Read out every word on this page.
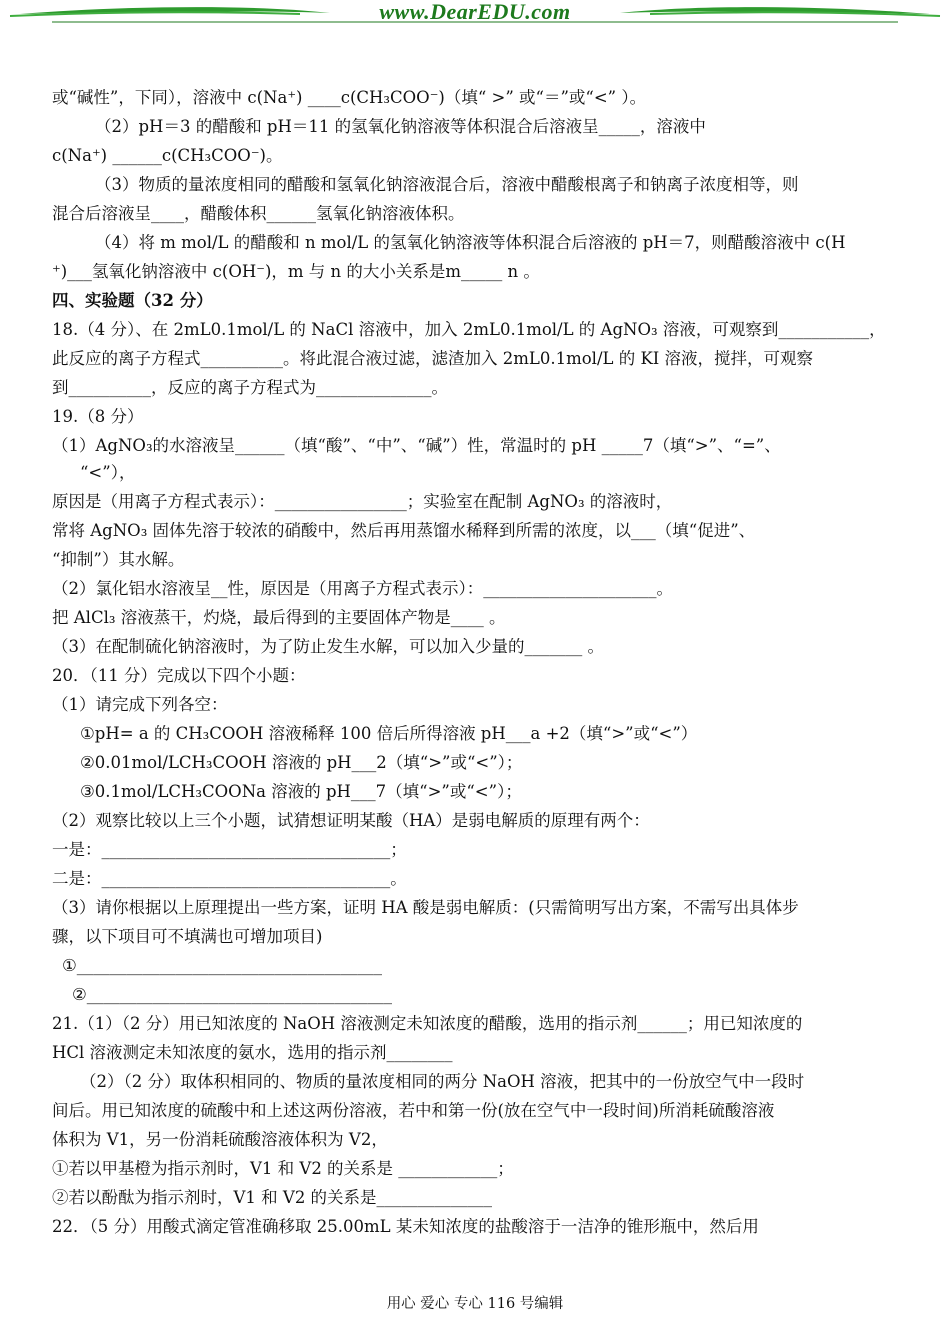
www.DearEDU.com
或“碱性”，下同），溶液中 c(Na⁺) ____c(CH₃COO⁻)（填“ >” 或“＝”或“<” ）。
（2）pH＝3 的醋酸和 pH＝11 的氢氧化钠溶液等体积混合后溶液呈_____，溶液中
c(Na⁺) ______c(CH₃COO⁻)。
（3）物质的量浓度相同的醋酸和氢氧化钠溶液混合后，溶液中醋酸根离子和钠离子浓度相等，则
混合后溶液呈____，醋酸体积______氢氧化钠溶液体积。
（4）将 m mol/L 的醋酸和 n mol/L 的氢氧化钠溶液等体积混合后溶液的 pH＝7，则醋酸溶液中 c(H
⁺)___氢氧化钠溶液中 c(OH⁻)，m 与 n 的大小关系是m_____ n 。
四、实验题（32 分）
18.（4 分）、在 2mL0.1mol/L 的 NaCl 溶液中，加入 2mL0.1mol/L 的 AgNO₃ 溶液，可观察到___________，
此反应的离子方程式__________。将此混合液过滤，滤渣加入 2mL0.1mol/L 的 KI 溶液，搅拌，可观察
到__________，反应的离子方程式为______________。
19.（8 分）
（1）AgNO₃的水溶液呈______（填“酸”、“中”、“碱”）性，常温时的 pH _____7（填“>”、“=”、
“<”），
原因是（用离子方程式表示）：________________；实验室在配制 AgNO₃ 的溶液时，
常将 AgNO₃ 固体先溶于较浓的硝酸中，然后再用蒸馏水稀释到所需的浓度，以___（填“促进”、
“抑制”）其水解。
（2）氯化铝水溶液呈__性，原因是（用离子方程式表示）：_____________________。
把 AlCl₃ 溶液蒸干，灼烧，最后得到的主要固体产物是____ 。
（3）在配制硫化钠溶液时，为了防止发生水解，可以加入少量的_______ 。
20．（11 分）完成以下四个小题：
（1）请完成下列各空：
①pH= a 的 CH₃COOH 溶液稀释 100 倍后所得溶液 pH___a +2（填“>”或“<”）
②0.01mol/LCH₃COOH 溶液的 pH___2（填“>”或“<”）；
③0.1mol/LCH₃COONa 溶液的 pH___7（填“>”或“<”）；
（2）观察比较以上三个小题，试猜想证明某酸（HA）是弱电解质的原理有两个：
一是：___________________________________；
二是：___________________________________。
（3）请你根据以上原理提出一些方案，证明 HA 酸是弱电解质：(只需简明写出方案，不需写出具体步
骤，以下项目可不填满也可增加项目)
①_____________________________________
②_____________________________________
21.（1）（2 分）用已知浓度的 NaOH 溶液测定未知浓度的醋酸，选用的指示剂______；用已知浓度的
HCl 溶液测定未知浓度的氨水，选用的指示剂________
（2）（2 分）取体积相同的、物质的量浓度相同的两分 NaOH 溶液，把其中的一份放空气中一段时
间后。用已知浓度的硫酸中和上述这两份溶液，若中和第一份(放在空气中一段时间)所消耗硫酸溶液
体积为 V1，另一份消耗硫酸溶液体积为 V2，
①若以甲基橙为指示剂时，V1 和 V2 的关系是 ____________；
②若以酚酞为指示剂时，V1 和 V2 的关系是______________
22．（5 分）用酸式滴定管准确移取 25.00mL 某未知浓度的盐酸溶于一洁净的锥形瓶中，然后用
用心 爱心 专心 116 号编辑
